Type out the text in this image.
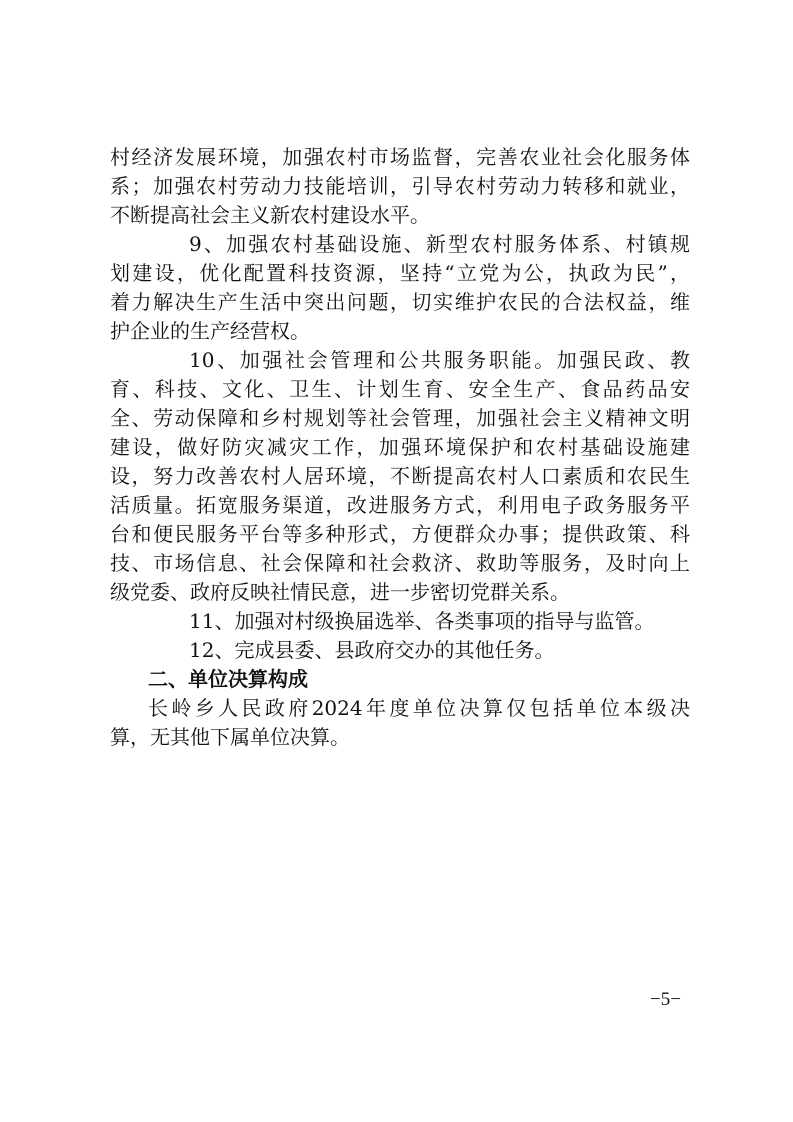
村经济发展环境，加强农村市场监督，完善农业社会化服务体
系；加强农村劳动力技能培训，引导农村劳动力转移和就业，
不断提高社会主义新农村建设水平。
9、加强农村基础设施、新型农村服务体系、村镇规
划建设，优化配置科技资源，坚持“立党为公，执政为民”，
着力解决生产生活中突出问题，切实维护农民的合法权益，维
护企业的生产经营权。
10、加强社会管理和公共服务职能。加强民政、教
育、科技、文化、卫生、计划生育、安全生产、食品药品安
全、劳动保障和乡村规划等社会管理，加强社会主义精神文明
建设，做好防灾减灾工作，加强环境保护和农村基础设施建
设，努力改善农村人居环境，不断提高农村人口素质和农民生
活质量。拓宽服务渠道，改进服务方式，利用电子政务服务平
台和便民服务平台等多种形式，方便群众办事；提供政策、科
技、市场信息、社会保障和社会救济、救助等服务，及时向上
级党委、政府反映社情民意，进一步密切党群关系。
11、加强对村级换届选举、各类事项的指导与监管。
12、完成县委、县政府交办的其他任务。
二、单位决算构成
长岭乡人民政府2024年度单位决算仅包括单位本级决
算，无其他下属单位决算。
−5−
